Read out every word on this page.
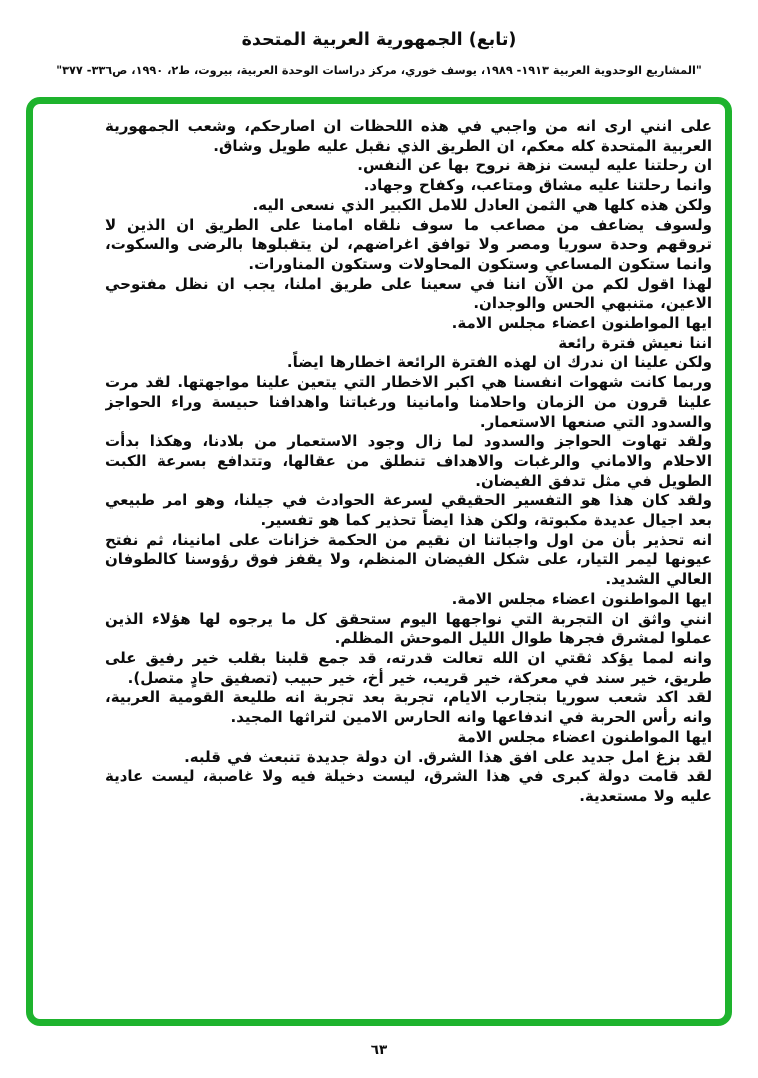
(تابع) الجمهورية العربية المتحدة
"المشاريع الوحدوية العربية ١٩١٣- ١٩٨٩، يوسف خوري، مركز دراسات الوحدة العربية، بيروت، ط٢، ١٩٩٠، ص٣٣٦- ٣٧٧"

على انني ارى انه من واجبي في هذه اللحظات ان اصارحكم، وشعب الجمهورية العربية المتحدة كله معكم، ان الطريق الذي نقبل عليه طويل وشاق.

ان رحلتنا عليه ليست نزهة نروح بها عن النفس.

وانما رحلتنا عليه مشاق ومتاعب، وكفاح وجهاد.

ولكن هذه كلها هي الثمن العادل للامل الكبير الذي نسعى اليه.

ولسوف يضاعف من مصاعب ما سوف نلقاه امامنا على الطريق ان الذين لا تروقهم وحدة سوريا ومصر ولا توافق اغراضهم، لن يتقبلوها بالرضى والسكوت، وانما ستكون المساعي وستكون المحاولات وستكون المناورات.

لهذا اقول لكم من الآن اننا في سعينا على طريق املنا، يجب ان نظل مفتوحي الاعين، متنبهي الحس والوجدان.

ايها المواطنون اعضاء مجلس الامة.

اننا نعيش فترة رائعة

ولكن علينا ان ندرك ان لهذه الفترة الرائعة اخطارها ايضاً.

وربما كانت شهوات انفسنا هي اكبر الاخطار التي يتعين علينا مواجهتها. لقد مرت علينا قرون من الزمان واحلامنا وامانينا ورغباتنا واهدافنا حبيسة وراء الحواجز والسدود التي صنعها الاستعمار.

ولقد تهاوت الحواجز والسدود لما زال وجود الاستعمار من بلادنا، وهكذا بدأت الاحلام والاماني والرغبات والاهداف تنطلق من عقالها، وتتدافع بسرعة الكبت الطويل في مثل تدفق الفيضان.

ولقد كان هذا هو التفسير الحقيقي لسرعة الحوادث في جيلنا، وهو امر طبيعي بعد اجيال عديدة مكبوتة، ولكن هذا ايضاً تحذير كما هو تفسير.

انه تحذير بأن من اول واجباتنا ان نقيم من الحكمة خزانات على امانينا، ثم نفتح عيونها ليمر التيار، على شكل الفيضان المنظم، ولا يقفز فوق رؤوسنا كالطوفان العالي الشديد.

ايها المواطنون اعضاء مجلس الامة.

انني واثق ان التجربة التي نواجهها اليوم ستحقق كل ما يرجوه لها هؤلاء الذين عملوا لمشرق فجرها طوال الليل الموحش المظلم.

وانه لمما يؤكد ثقتي ان الله تعالت قدرته، قد جمع قلبنا بقلب خير رفيق على طريق، خير سند في معركة، خير قريب، خير أخ، خير حبيب (تصفيق حادٍ متصل).

لقد اكد شعب سوريا بتجارب الايام، تجربة بعد تجربة انه طليعة القومية العربية، وانه رأس الحربة في اندفاعها وانه الحارس الامين لتراثها المجيد.

ايها المواطنون اعضاء مجلس الامة

لقد بزغ امل جديد على افق هذا الشرق. ان دولة جديدة تنبعث في قلبه.

لقد قامت دولة كبرى في هذا الشرق، ليست دخيلة فيه ولا غاصبة، ليست عادية عليه ولا مستعدية.

٦٣
